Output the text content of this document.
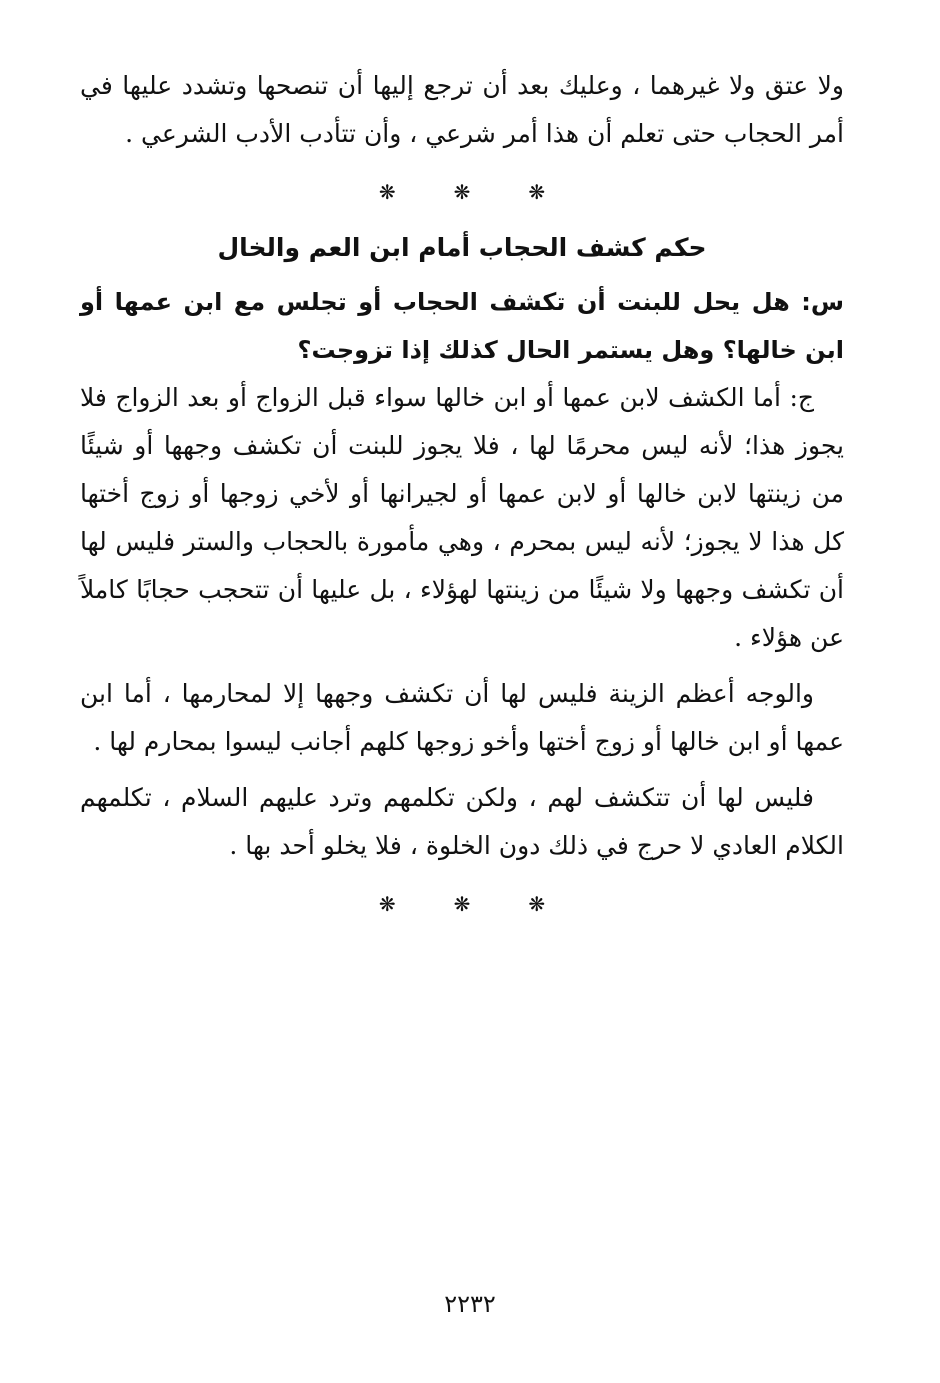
ولا عتق ولا غيرهما ، وعليك بعد أن ترجع إليها أن تنصحها وتشدد عليها في أمر الحجاب حتى تعلم أن هذا أمر شرعي ، وأن تتأدب الأدب الشرعي .

❋
❋
❋
حكم كشف الحجاب أمام ابن العم والخال

س: هل يحل للبنت أن تكشف الحجاب أو تجلس مع ابن عمها أو ابن خالها؟ وهل يستمر الحال كذلك إذا تزوجت؟

ج: أما الكشف لابن عمها أو ابن خالها سواء قبل الزواج أو بعد الزواج فلا يجوز هذا؛ لأنه ليس محرمًا لها ، فلا يجوز للبنت أن تكشف وجهها أو شيئًا من زينتها لابن خالها أو لابن عمها أو لجيرانها أو لأخي زوجها أو زوج أختها كل هذا لا يجوز؛ لأنه ليس بمحرم ، وهي مأمورة بالحجاب والستر فليس لها أن تكشف وجهها ولا شيئًا من زينتها لهؤلاء ، بل عليها أن تتحجب حجابًا كاملاً عن هؤلاء .

والوجه أعظم الزينة فليس لها أن تكشف وجهها إلا لمحارمها ، أما ابن عمها أو ابن خالها أو زوج أختها وأخو زوجها كلهم أجانب ليسوا بمحارم لها .

فليس لها أن تتكشف لهم ، ولكن تكلمهم وترد عليهم السلام ، تكلمهم الكلام العادي لا حرج في ذلك دون الخلوة ، فلا يخلو أحد بها .

❋
❋
❋
٢٢٣٢
